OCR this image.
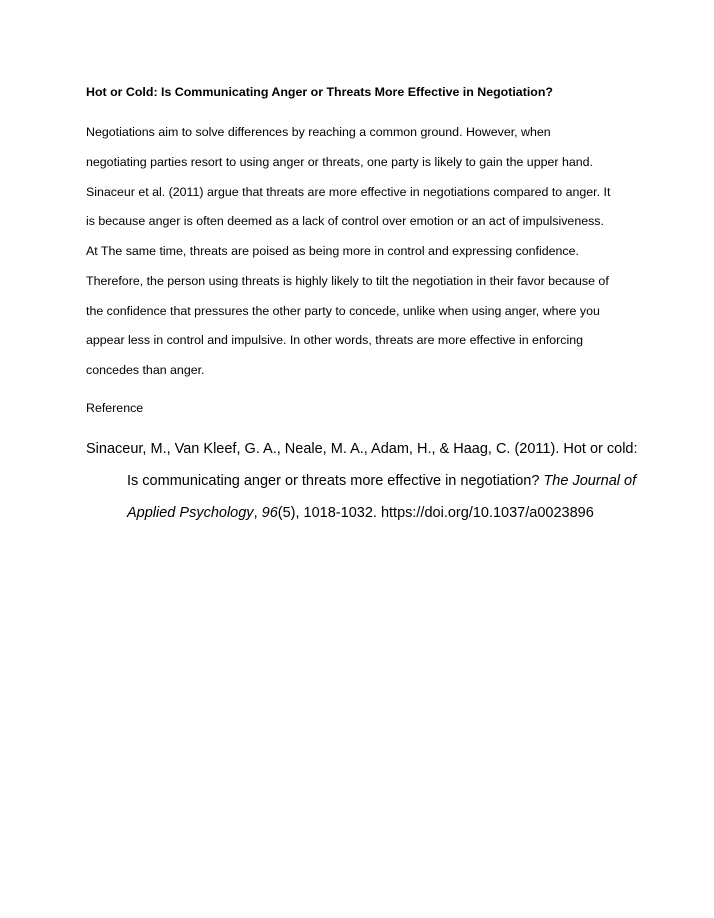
Hot or Cold: Is Communicating Anger or Threats More Effective in Negotiation?
Negotiations aim to solve differences by reaching a common ground. However, when
negotiating parties resort to using anger or threats, one party is likely to gain the upper hand.
Sinaceur et al. (2011) argue that threats are more effective in negotiations compared to anger. It
is because anger is often deemed as a lack of control over emotion or an act of impulsiveness.
At The same time, threats are poised as being more in control and expressing confidence.
Therefore, the person using threats is highly likely to tilt the negotiation in their favor because of
the confidence that pressures the other party to concede, unlike when using anger, where you
appear less in control and impulsive. In other words, threats are more effective in enforcing
concedes than anger.
Reference
Sinaceur, M., Van Kleef, G. A., Neale, M. A., Adam, H., & Haag, C. (2011). Hot or cold:
Is communicating anger or threats more effective in negotiation? The Journal of
Applied Psychology, 96(5), 1018-1032. https://doi.org/10.1037/a0023896
